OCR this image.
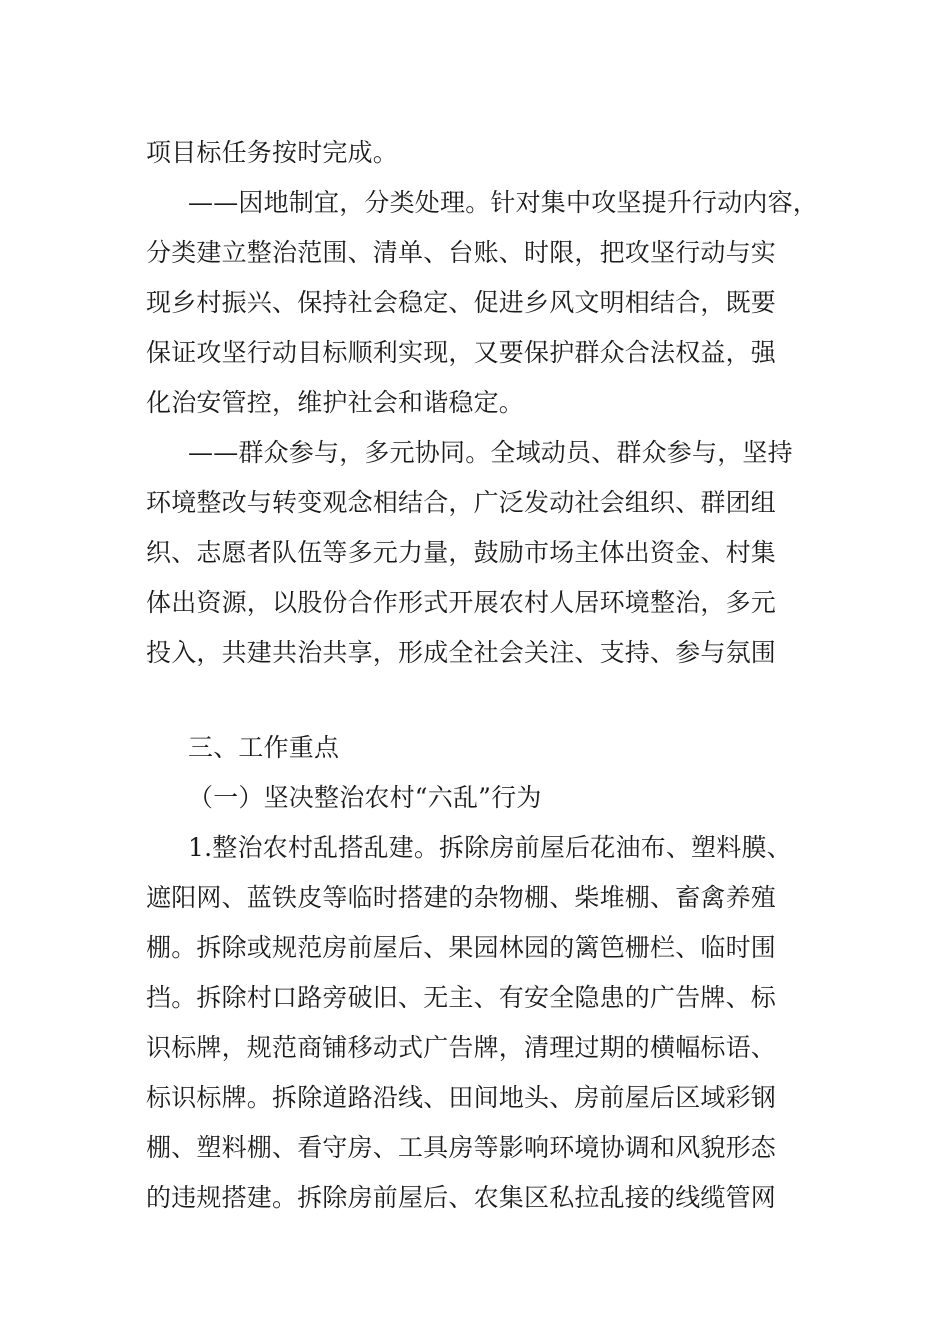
项目标任务按时完成。
——因地制宜，分类处理。针对集中攻坚提升行动内容，
分类建立整治范围、清单、台账、时限，把攻坚行动与实
现乡村振兴、保持社会稳定、促进乡风文明相结合，既要
保证攻坚行动目标顺利实现，又要保护群众合法权益，强
化治安管控，维护社会和谐稳定。
——群众参与，多元协同。全域动员、群众参与，坚持
环境整改与转变观念相结合，广泛发动社会组织、群团组
织、志愿者队伍等多元力量，鼓励市场主体出资金、村集
体出资源，以股份合作形式开展农村人居环境整治，多元
投入，共建共治共享，形成全社会关注、支持、参与氛围
三、工作重点
（一）坚决整治农村“六乱”行为
1.整治农村乱搭乱建。拆除房前屋后花油布、塑料膜、
遮阳网、蓝铁皮等临时搭建的杂物棚、柴堆棚、畜禽养殖
棚。拆除或规范房前屋后、果园林园的篱笆栅栏、临时围
挡。拆除村口路旁破旧、无主、有安全隐患的广告牌、标
识标牌，规范商铺移动式广告牌，清理过期的横幅标语、
标识标牌。拆除道路沿线、田间地头、房前屋后区域彩钢
棚、塑料棚、看守房、工具房等影响环境协调和风貌形态
的违规搭建。拆除房前屋后、农集区私拉乱接的线缆管网
